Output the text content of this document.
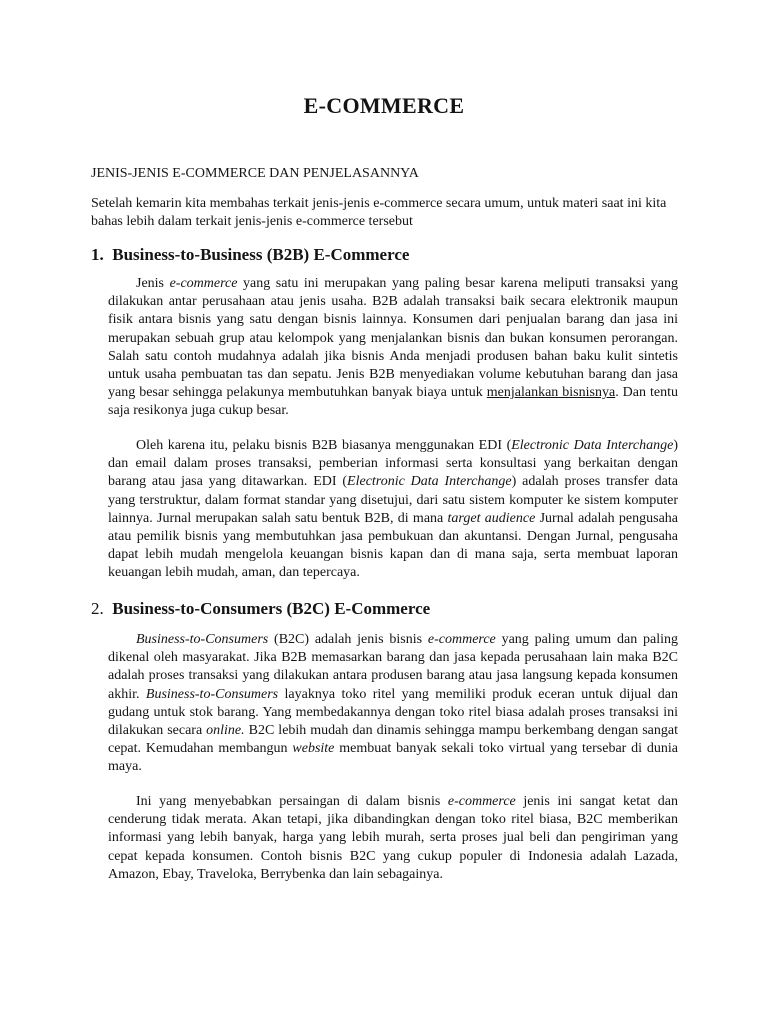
E-COMMERCE

JENIS-JENIS E-COMMERCE DAN PENJELASANNYA

Setelah kemarin kita membahas terkait jenis-jenis e-commerce secara umum, untuk materi saat ini kita bahas lebih dalam terkait jenis-jenis e-commerce tersebut

1. Business-to-Business (B2B) E-Commerce

Jenis e-commerce yang satu ini merupakan yang paling besar karena meliputi transaksi yang dilakukan antar perusahaan atau jenis usaha. B2B adalah transaksi baik secara elektronik maupun fisik antara bisnis yang satu dengan bisnis lainnya. Konsumen dari penjualan barang dan jasa ini merupakan sebuah grup atau kelompok yang menjalankan bisnis dan bukan konsumen perorangan. Salah satu contoh mudahnya adalah jika bisnis Anda menjadi produsen bahan baku kulit sintetis untuk usaha pembuatan tas dan sepatu. Jenis B2B menyediakan volume kebutuhan barang dan jasa yang besar sehingga pelakunya membutuhkan banyak biaya untuk menjalankan bisnisnya. Dan tentu saja resikonya juga cukup besar.

Oleh karena itu, pelaku bisnis B2B biasanya menggunakan EDI (Electronic Data Interchange) dan email dalam proses transaksi, pemberian informasi serta konsultasi yang berkaitan dengan barang atau jasa yang ditawarkan. EDI (Electronic Data Interchange) adalah proses transfer data yang terstruktur, dalam format standar yang disetujui, dari satu sistem komputer ke sistem komputer lainnya. Jurnal merupakan salah satu bentuk B2B, di mana target audience Jurnal adalah pengusaha atau pemilik bisnis yang membutuhkan jasa pembukuan dan akuntansi. Dengan Jurnal, pengusaha dapat lebih mudah mengelola keuangan bisnis kapan dan di mana saja, serta membuat laporan keuangan lebih mudah, aman, dan tepercaya.

2. Business-to-Consumers (B2C) E-Commerce

Business-to-Consumers (B2C) adalah jenis bisnis e-commerce yang paling umum dan paling dikenal oleh masyarakat. Jika B2B memasarkan barang dan jasa kepada perusahaan lain maka B2C adalah proses transaksi yang dilakukan antara produsen barang atau jasa langsung kepada konsumen akhir. Business-to-Consumers layaknya toko ritel yang memiliki produk eceran untuk dijual dan gudang untuk stok barang. Yang membedakannya dengan toko ritel biasa adalah proses transaksi ini dilakukan secara online. B2C lebih mudah dan dinamis sehingga mampu berkembang dengan sangat cepat. Kemudahan membangun website membuat banyak sekali toko virtual yang tersebar di dunia maya.

Ini yang menyebabkan persaingan di dalam bisnis e-commerce jenis ini sangat ketat dan cenderung tidak merata. Akan tetapi, jika dibandingkan dengan toko ritel biasa, B2C memberikan informasi yang lebih banyak, harga yang lebih murah, serta proses jual beli dan pengiriman yang cepat kepada konsumen. Contoh bisnis B2C yang cukup populer di Indonesia adalah Lazada, Amazon, Ebay, Traveloka, Berrybenka dan lain sebagainya.
